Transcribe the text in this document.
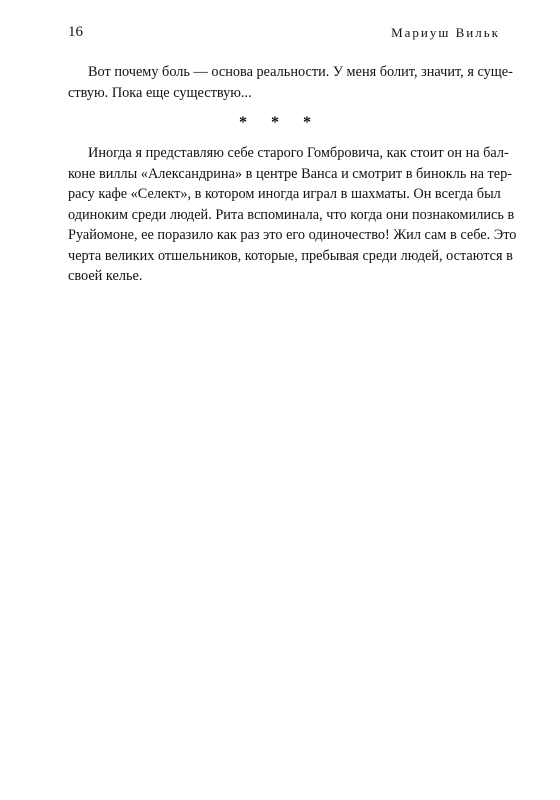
16	Мариуш Вильк
Вот почему боль — основа реальности. У меня болит, значит, я суще-
ствую. Пока еще существую...
* * *
Иногда я представляю себе старого Гомбровича, как стоит он на бал-
коне виллы «Александрина» в центре Ванса и смотрит в бинокль на тер-
расу кафе «Селект», в котором иногда играл в шахматы. Он всегда был
одиноким среди людей. Рита вспоминала, что когда они познакомились в
Руайомоне, ее поразило как раз это его одиночество! Жил сам в себе. Это
черта великих отшельников, которые, пребывая среди людей, остаются в
своей келье.
